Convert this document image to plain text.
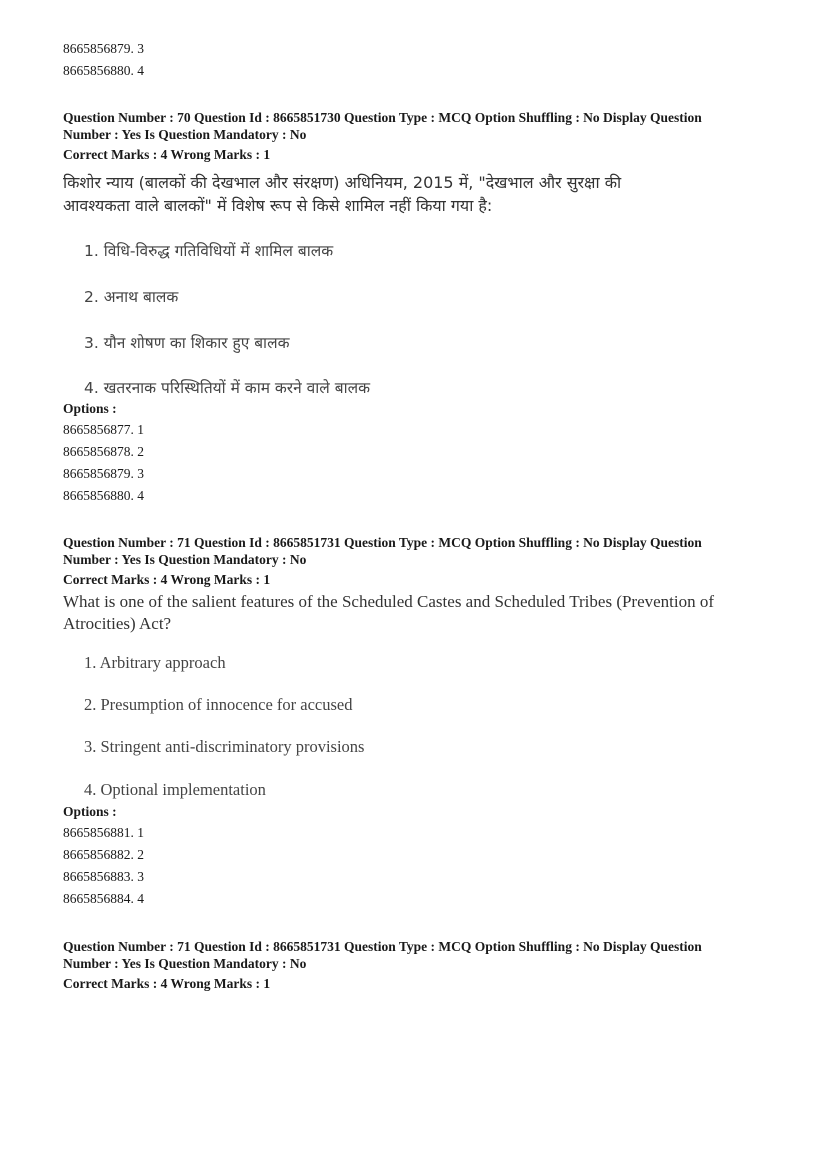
8665856879. 3
8665856880. 4
Question Number : 70 Question Id : 8665851730 Question Type : MCQ Option Shuffling : No Display Question
Number : Yes Is Question Mandatory : No
Correct Marks : 4 Wrong Marks : 1
किशोर न्याय (बालकों की देखभाल और संरक्षण) अधिनियम, 2015 में, "देखभाल और सुरक्षा की
आवश्यकता वाले बालकों" में विशेष रूप से किसे शामिल नहीं किया गया है:
1. विधि-विरुद्ध गतिविधियों में शामिल बालक
2. अनाथ बालक
3. यौन शोषण का शिकार हुए बालक
4. खतरनाक परिस्थितियों में काम करने वाले बालक
Options :
8665856877. 1
8665856878. 2
8665856879. 3
8665856880. 4
Question Number : 71 Question Id : 8665851731 Question Type : MCQ Option Shuffling : No Display Question
Number : Yes Is Question Mandatory : No
Correct Marks : 4 Wrong Marks : 1
What is one of the salient features of the Scheduled Castes and Scheduled Tribes (Prevention of
Atrocities) Act?
1. Arbitrary approach
2. Presumption of innocence for accused
3. Stringent anti-discriminatory provisions
4. Optional implementation
Options :
8665856881. 1
8665856882. 2
8665856883. 3
8665856884. 4
Question Number : 71 Question Id : 8665851731 Question Type : MCQ Option Shuffling : No Display Question
Number : Yes Is Question Mandatory : No
Correct Marks : 4 Wrong Marks : 1
